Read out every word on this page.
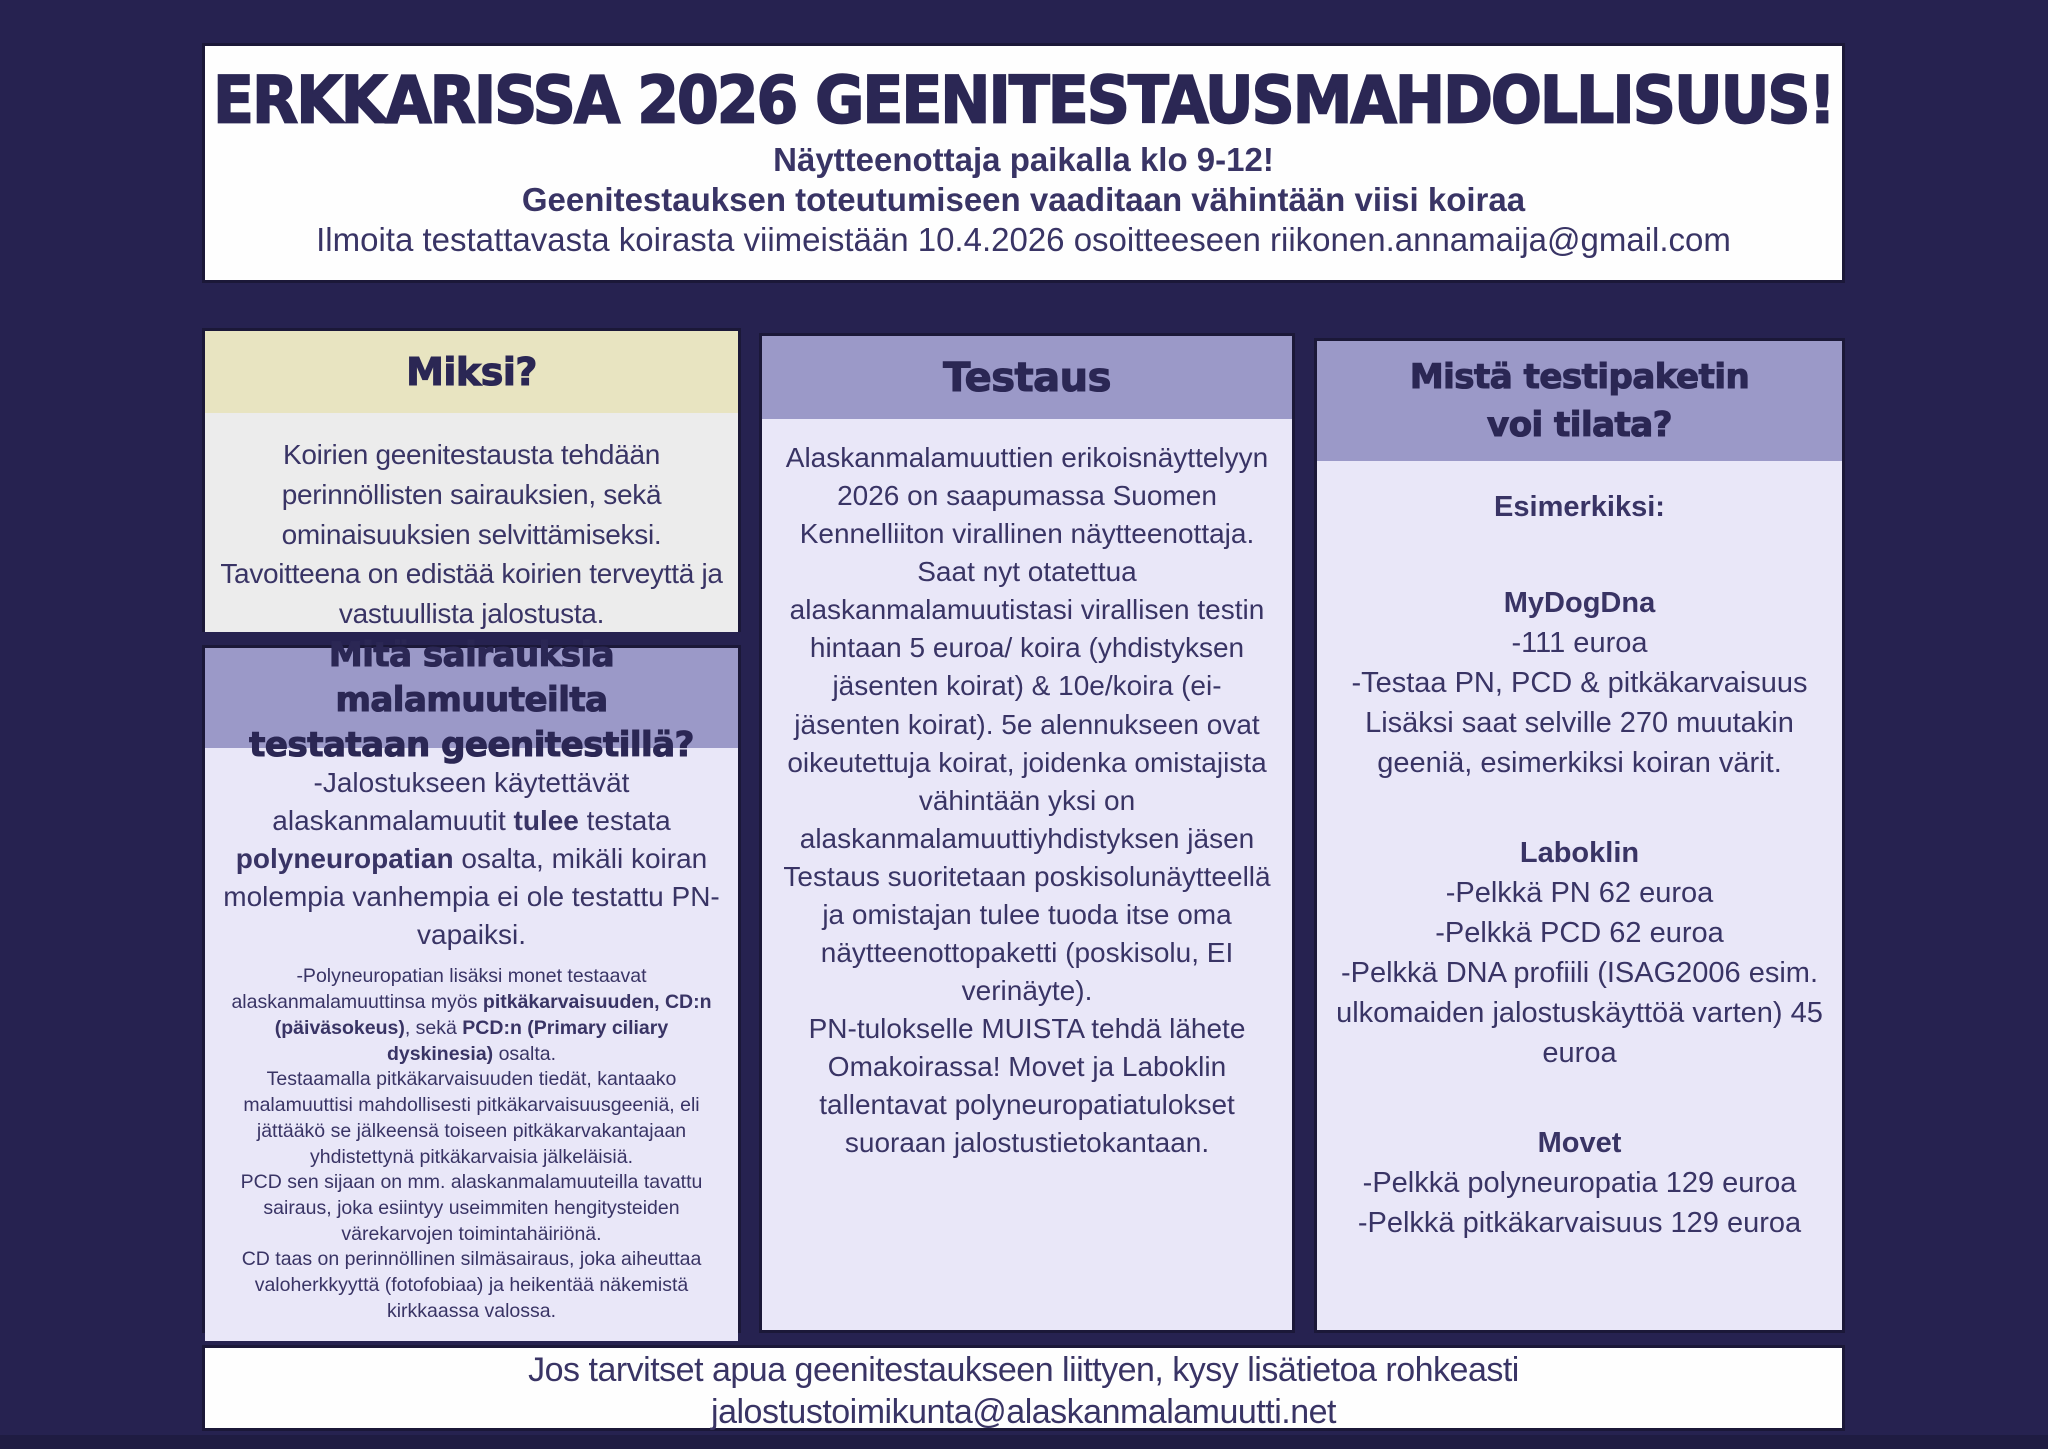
ERKKARISSA 2026 GEENITESTAUSMAHDOLLISUUS!
Näytteenottaja paikalla klo 9-12!
Geenitestauksen toteutumiseen vaaditaan vähintään viisi koiraa
Ilmoita testattavasta koirasta viimeistään 10.4.2026 osoitteeseen riikonen.annamaija@gmail.com
Miksi?

Koirien geenitestausta tehdään perinnöllisten sairauksien, sekä ominaisuuksien selvittämiseksi. Tavoitteena on edistää koirien terveyttä ja vastuullista jalostusta.

Mitä sairauksia malamuuteilta
testataan geenitestillä?

-Jalostukseen käytettävät alaskanmalamuutit tulee testata polyneuropatian osalta, mikäli koiran molempia vanhempia ei ole testattu PN-vapaiksi.

-Polyneuropatian lisäksi monet testaavat alaskanmalamuuttinsa myös pitkäkarvaisuuden, CD:n (päiväsokeus), sekä PCD:n (Primary ciliary dyskinesia) osalta.

Testaamalla pitkäkarvaisuuden tiedät, kantaako malamuuttisi mahdollisesti pitkäkarvaisuusgeeniä, eli jättääkö se jälkeensä toiseen pitkäkarvakantajaan yhdistettynä pitkäkarvaisia jälkeläisiä.

PCD sen sijaan on mm. alaskanmalamuuteilla tavattu sairaus, joka esiintyy useimmiten hengitysteiden värekarvojen toimintahäiriönä.

CD taas on perinnöllinen silmäsairaus, joka aiheuttaa valoherkkyyttä (fotofobiaa) ja heikentää näkemistä kirkkaassa valossa.

Testaus

Alaskanmalamuuttien erikoisnäyttelyyn 2026 on saapumassa Suomen Kennelliiton virallinen näytteenottaja.

Saat nyt otatettua alaskanmalamuutistasi virallisen testin hintaan 5 euroa/ koira (yhdistyksen jäsenten koirat) & 10e/koira (ei-jäsenten koirat). 5e alennukseen ovat oikeutettuja koirat, joidenka omistajista vähintään yksi on alaskanmalamuuttiyhdistyksen jäsen

Testaus suoritetaan poskisolunäytteellä ja omistajan tulee tuoda itse oma näytteenottopaketti (poskisolu, EI verinäyte).

PN-tulokselle MUISTA tehdä lähete Omakoirassa! Movet ja Laboklin tallentavat polyneuropatiatulokset suoraan jalostustietokantaan.

Mistä testipaketin
voi tilata?
Esimerkiksi:
MyDogDna
-111 euroa
-Testaa PN, PCD & pitkäkarvaisuus
Lisäksi saat selville 270 muutakin geeniä, esimerkiksi koiran värit.
Laboklin
-Pelkkä PN 62 euroa
-Pelkkä PCD 62 euroa
-Pelkkä DNA profiili (ISAG2006 esim. ulkomaiden jalostuskäyttöä varten) 45 euroa
Movet
-Pelkkä polyneuropatia 129 euroa
-Pelkkä pitkäkarvaisuus 129 euroa
Jos tarvitset apua geenitestaukseen liittyen, kysy lisätietoa rohkeasti
jalostustoimikunta@alaskanmalamuutti.net
